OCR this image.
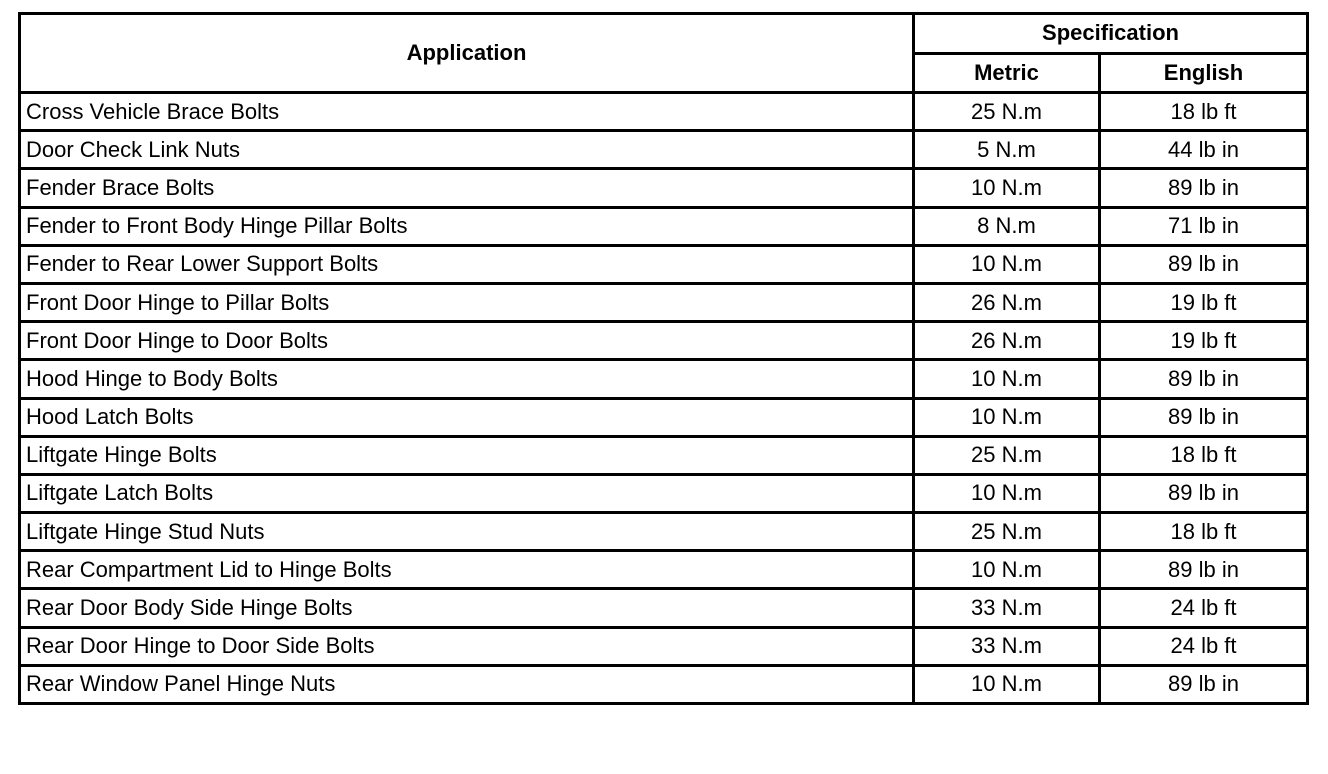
Application	Specification	
	Metric	English
Cross Vehicle Brace Bolts	25 N.m	18 lb ft
Door Check Link Nuts	5 N.m	44 lb in
Fender Brace Bolts	10 N.m	89 lb in
Fender to Front Body Hinge Pillar Bolts	8 N.m	71 lb in
Fender to Rear Lower Support Bolts	10 N.m	89 lb in
Front Door Hinge to Pillar Bolts	26 N.m	19 lb ft
Front Door Hinge to Door Bolts	26 N.m	19 lb ft
Hood Hinge to Body Bolts	10 N.m	89 lb in
Hood Latch Bolts	10 N.m	89 lb in
Liftgate Hinge Bolts	25 N.m	18 lb ft
Liftgate Latch Bolts	10 N.m	89 lb in
Liftgate Hinge Stud Nuts	25 N.m	18 lb ft
Rear Compartment Lid to Hinge Bolts	10 N.m	89 lb in
Rear Door Body Side Hinge Bolts	33 N.m	24 lb ft
Rear Door Hinge to Door Side Bolts	33 N.m	24 lb ft
Rear Window Panel Hinge Nuts	10 N.m	89 lb in
